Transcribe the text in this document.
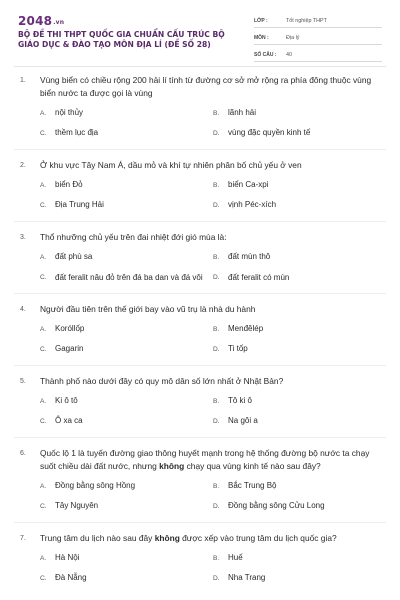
2048.vn
BỘ ĐỀ THI THPT QUỐC GIA CHUẨN CẤU TRÚC BỘ GIÁO DỤC & ĐÀO TẠO MÔN ĐỊA LÍ (ĐỀ SỐ 28)
LỚP :	Tốt nghiệp THPT
MÔN :	Địa lý
SỐ CÂU :	40
1. Vùng biển có chiều rộng 200 hải lí tính từ đường cơ sở mở rộng ra phía đông thuộc vùng biển nước ta được gọi là vùng
A.	nội thủy	B.	lãnh hải
C.	thềm lục địa	D.	vùng đặc quyền kinh tế
2. Ở khu vực Tây Nam Á, dầu mỏ và khí tự nhiên phân bố chủ yếu ở ven
A.	biển Đỏ	B.	biển Ca-xpi
C.	Địa Trung Hải	D.	vịnh Péc-xích
3. Thổ nhưỡng chủ yếu trên đai nhiệt đới gió mùa là:
A.	đất phù sa	B.	đất mùn thô
C.	đất feralit nâu đỏ trên đá ba dan và đá vôi	D.	đất feralit có mùn
4. Người đầu tiên trên thế giới bay vào vũ trụ là nhà du hành
A.	Koróllốp	B.	Menđêlép
C.	Gagarin	D.	Ti tốp
5. Thành phố nào dưới đây có quy mô dân số lớn nhất ở Nhật Bản?
A.	Ki ô tô	B.	Tô ki ô
C.	Ô xa ca	D.	Na gôi a
6. Quốc lộ 1 là tuyến đường giao thông huyết mạnh trong hệ thống đường bộ nước ta chạy suốt chiều dài đất nước, nhưng không chạy qua vùng kinh tế nào sau đây?
A.	Đồng bằng sông Hồng	B.	Bắc Trung Bộ
C.	Tây Nguyên	D.	Đồng bằng sông Cửu Long
7. Trung tâm du lịch nào sau đây không được xếp vào trung tâm du lịch quốc gia?
A.	Hà Nội	B.	Huế
C.	Đà Nẵng	D.	Nha Trang
